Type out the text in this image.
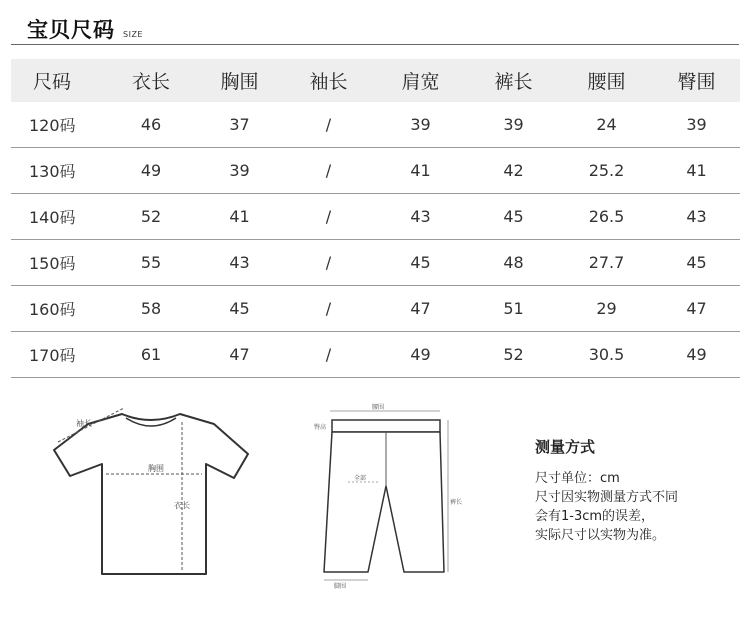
宝贝尺码 SIZE
尺码	衣长	胸围	袖长	肩宽	裤长	腰围	臀围
120码	46	37	/	39	39	24	39
130码	49	39	/	41	42	25.2	41
140码	52	41	/	43	45	26.5	43
150码	55	43	/	45	48	27.7	45
160码	58	45	/	47	51	29	47
170码	61	47	/	49	52	30.5	49
袖长
胸围
衣长
腰围
臀高
全部
裤长
脚围
测量方式
尺寸单位：cm
尺寸因实物测量方式不同
会有1-3cm的误差，
实际尺寸以实物为准。
